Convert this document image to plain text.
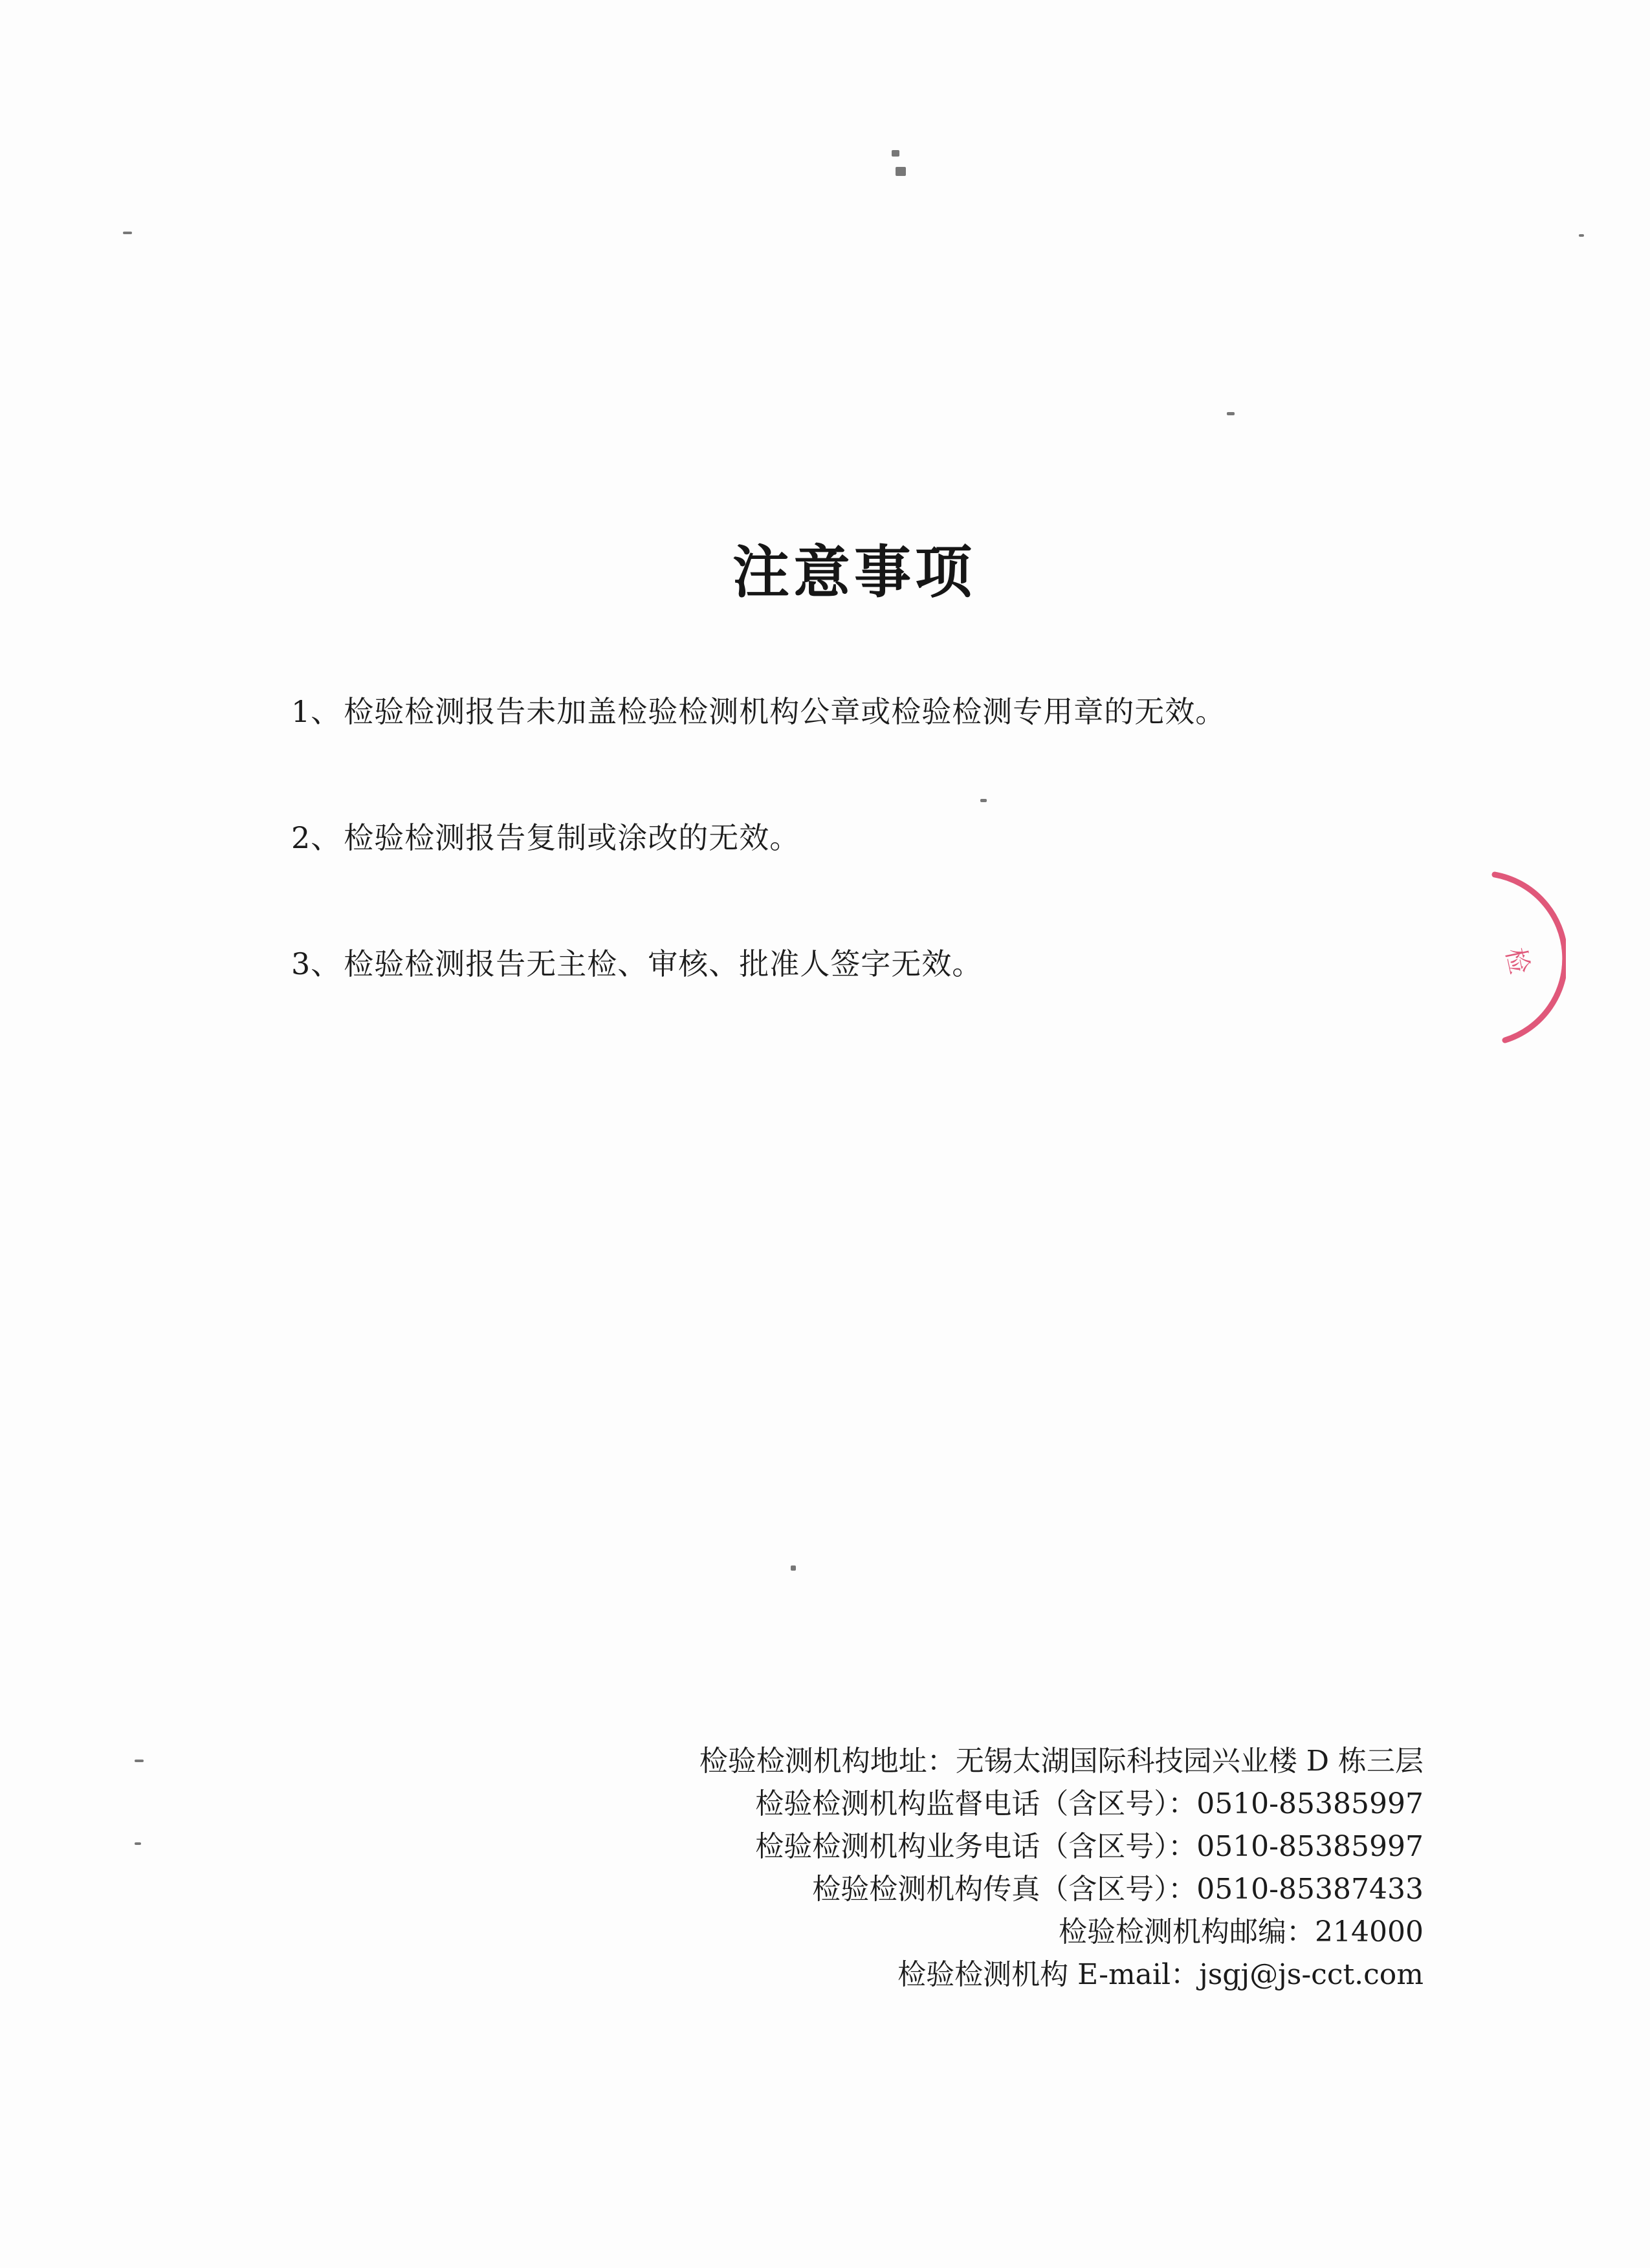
注意事项

1、检验检测报告未加盖检验检测机构公章或检验检测专用章的无效。

2、检验检测报告复制或涂改的无效。

3、检验检测报告无主检、审核、批准人签字无效。

检验检测机构地址：无锡太湖国际科技园兴业楼 D 栋三层
检验检测机构监督电话（含区号）：0510-85385997
检验检测机构业务电话（含区号）：0510-85385997
检验检测机构传真（含区号）：0510-85387433
检验检测机构邮编：214000
检验检测机构 E-mail：jsgj@js-cct.com
检
